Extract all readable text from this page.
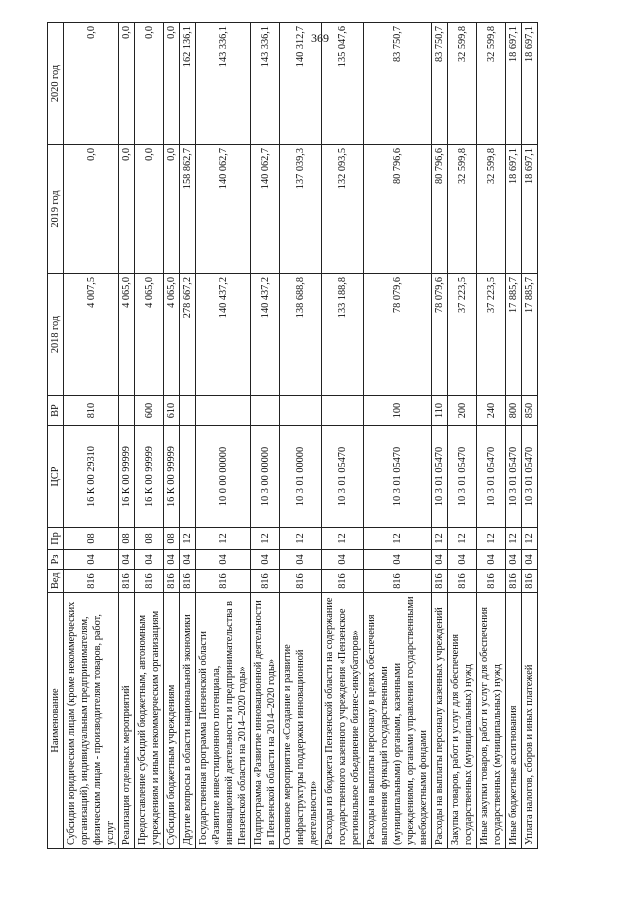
369
Наименование	Вед	Рз	Пр	ЦСР	ВР	2018 год	2019 год	2020 год
Субсидии юридическим лицам (кроме некоммерческих организаций), индивидуальным предпринимателям, физическим лицам - производителям товаров, работ, услуг	816	04	08	16 К 00 29310	810	4 007,5	0,0	0,0
Реализация отдельных мероприятий	816	04	08	16 К 00 99999		4 065,0	0,0	0,0
Предоставление субсидий бюджетным, автономным учреждениям и иным некоммерческим организациям	816	04	08	16 К 00 99999	600	4 065,0	0,0	0,0
Субсидии бюджетным учреждениям	816	04	08	16 К 00 99999	610	4 065,0	0,0	0,0
Другие вопросы в области национальной экономики	816	04	12			278 667,2	158 862,7	162 136,1
Государственная программа Пензенской области «Развитие инвестиционного потенциала, инновационной деятельности и предпринимательства в Пензенской области на 2014–2020 годы»	816	04	12	10 0 00 00000		140 437,2	140 062,7	143 336,1
Подпрограмма «Развитие инновационной деятельности в Пензенской области на 2014–2020 годы»	816	04	12	10 3 00 00000		140 437,2	140 062,7	143 336,1
Основное мероприятие «Создание и развитие инфраструктуры поддержки инновационной деятельности»	816	04	12	10 3 01 00000		138 688,8	137 039,3	140 312,7
Расходы из бюджета Пензенской области на содержание государственного казенного учреждения «Пензенское региональное объединение бизнес-инкубаторов»	816	04	12	10 3 01 05470		133 188,8	132 093,5	135 047,6
Расходы на выплаты персоналу в целях обеспечения выполнения функций государственными (муниципальными) органами, казенными учреждениями, органами управления государственными внебюджетными фондами	816	04	12	10 3 01 05470	100	78 079,6	80 796,6	83 750,7
Расходы на выплаты персоналу казенных учреждений	816	04	12	10 3 01 05470	110	78 079,6	80 796,6	83 750,7
Закупка товаров, работ и услуг для обеспечения государственных (муниципальных) нужд	816	04	12	10 3 01 05470	200	37 223,5	32 599,8	32 599,8
Иные закупки товаров, работ и услуг для обеспечения государственных (муниципальных) нужд	816	04	12	10 3 01 05470	240	37 223,5	32 599,8	32 599,8
Иные бюджетные ассигнования	816	04	12	10 3 01 05470	800	17 885,7	18 697,1	18 697,1
Уплата налогов, сборов и иных платежей	816	04	12	10 3 01 05470	850	17 885,7	18 697,1	18 697,1
